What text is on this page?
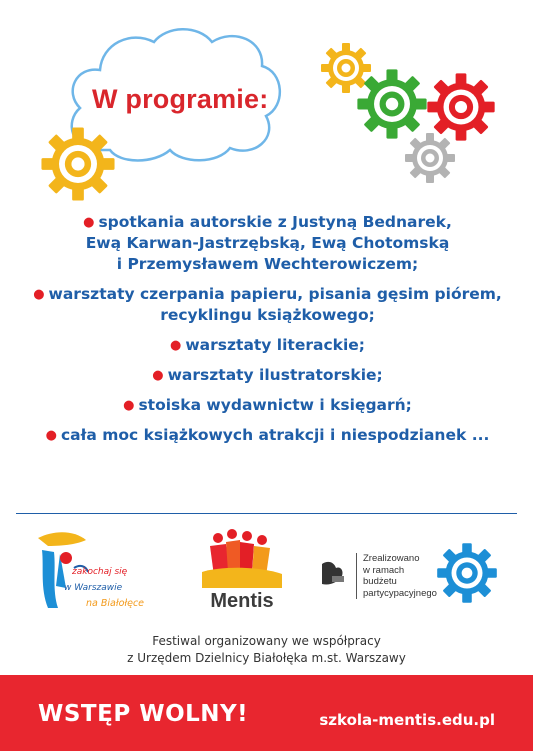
W programie:
● spotkania autorskie z Justyną Bednarek,
Ewą Karwan-Jastrzębską, Ewą Chotomską
i Przemysławem Wechterowiczem;
● warsztaty czerpania papieru, pisania gęsim piórem,
recyklingu książkowego;
● warsztaty literackie;
● warsztaty ilustratorskie;
● stoiska wydawnictw i księgarń;
● cała moc książkowych atrakcji i niespodzianek ...
zakochaj się
w Warszawie
na Białołęce	Mentis
Zrealizowano
w ramach
budżetu
partycypacyjnego
Festiwal organizowany we współpracy
z Urzędem Dzielnicy Białołęka m.st. Warszawy
WSTĘP WOLNY!	szkola-mentis.edu.pl
